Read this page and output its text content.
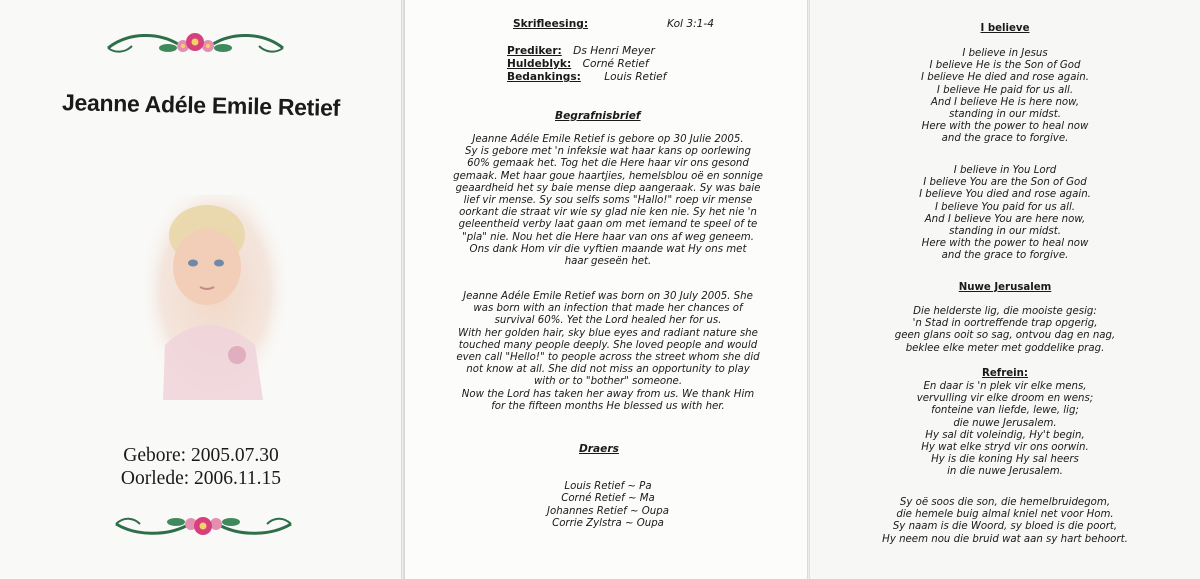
Jeanne Adéle Emile Retief
Gebore: 2005.07.30
Oorlede: 2006.11.15
Skrifleesing:	Kol 3:1-4
Prediker: Ds Henri Meyer
Huldeblyk: Corné Retief
Bedankings: Louis Retief
Begrafnisbrief
Jeanne Adéle Emile Retief is gebore op 30 Julie 2005.
Sy is gebore met 'n infeksie wat haar kans op oorlewing
60% gemaak het. Tog het die Here haar vir ons gesond
gemaak. Met haar goue haartjies, hemelsblou oë en sonnige
geaardheid het sy baie mense diep aangeraak. Sy was baie
lief vir mense. Sy sou selfs soms "Hallo!" roep vir mense
oorkant die straat vir wie sy glad nie ken nie. Sy het nie 'n
geleentheid verby laat gaan om met iemand te speel of te
"pla" nie. Nou het die Here haar van ons af weg geneem.
Ons dank Hom vir die vyftien maande wat Hy ons met
haar geseën het.
Jeanne Adéle Emile Retief was born on 30 July 2005. She
was born with an infection that made her chances of
survival 60%. Yet the Lord healed her for us.
With her golden hair, sky blue eyes and radiant nature she
touched many people deeply. She loved people and would
even call "Hello!" to people across the street whom she did
not know at all. She did not miss an opportunity to play
with or to "bother" someone.
Now the Lord has taken her away from us. We thank Him
for the fifteen months He blessed us with her.
Draers
Louis Retief ~ Pa
Corné Retief ~ Ma
Johannes Retief ~ Oupa
Corrie Zylstra ~ Oupa
I believe
I believe in Jesus
I believe He is the Son of God
I believe He died and rose again.
I believe He paid for us all.
And I believe He is here now,
standing in our midst.
Here with the power to heal now
and the grace to forgive.
I believe in You Lord
I believe You are the Son of God
I believe You died and rose again.
I believe You paid for us all.
And I believe You are here now,
standing in our midst.
Here with the power to heal now
and the grace to forgive.
Nuwe Jerusalem
Die helderste lig, die mooiste gesig:
'n Stad in oortreffende trap opgerig,
geen glans ooit so sag, ontvou dag en nag,
beklee elke meter met goddelike prag.
Refrein:
En daar is 'n plek vir elke mens,
vervulling vir elke droom en wens;
fonteine van liefde, lewe, lig;
die nuwe Jerusalem.
Hy sal dit voleindig, Hy't begin,
Hy wat elke stryd vir ons oorwin.
Hy is die koning Hy sal heers
in die nuwe Jerusalem.
Sy oë soos die son, die hemelbruidegom,
die hemele buig almal kniel net voor Hom.
Sy naam is die Woord, sy bloed is die poort,
Hy neem nou die bruid wat aan sy hart behoort.
